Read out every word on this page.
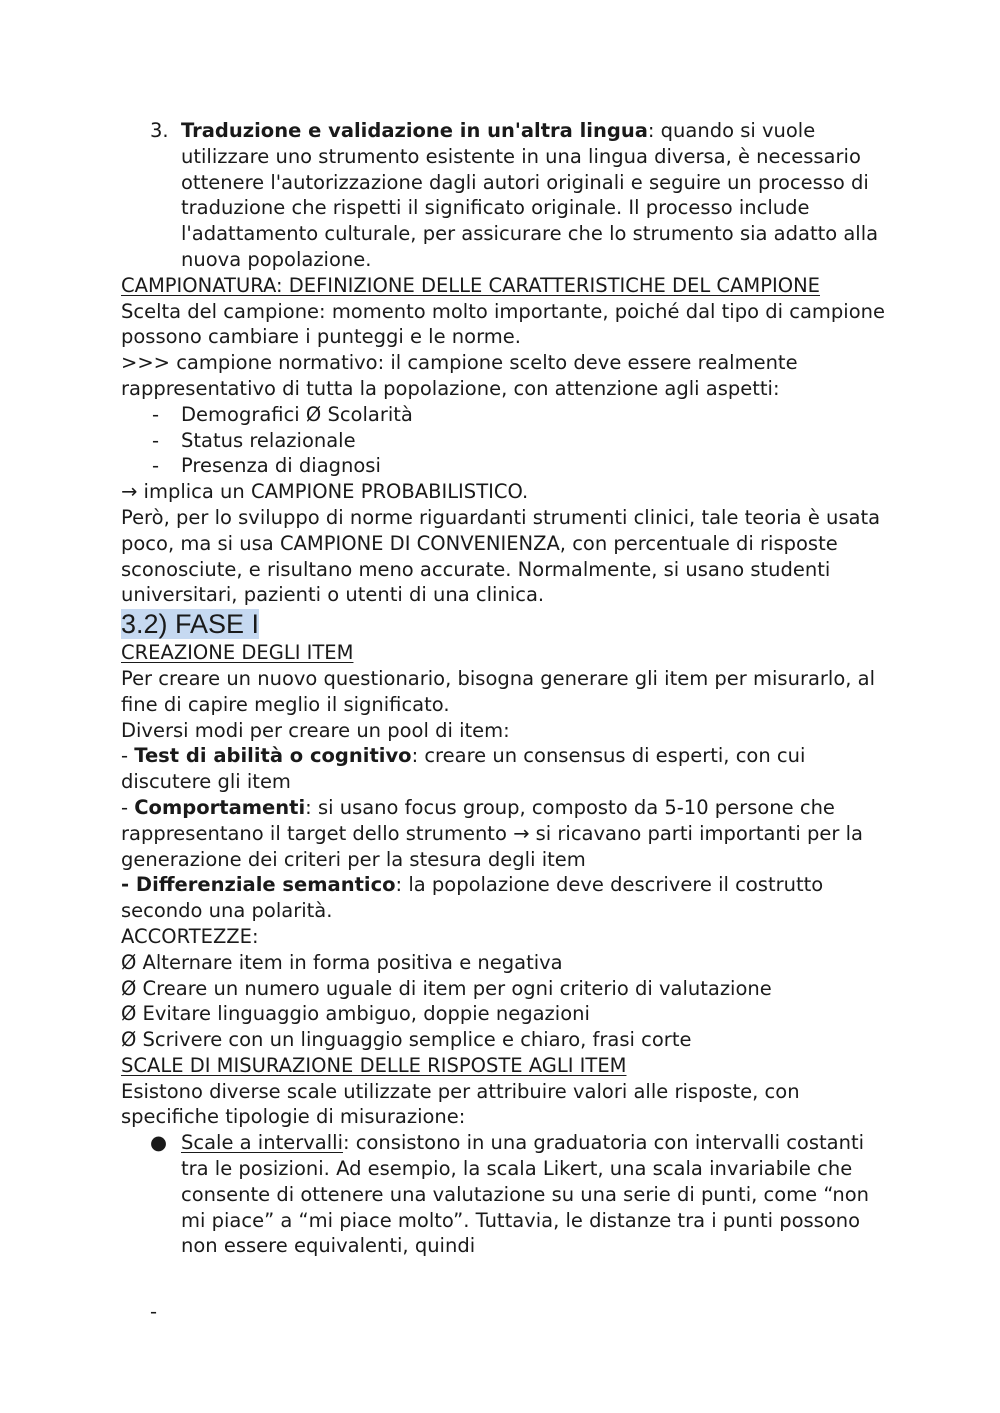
3. Traduzione e validazione in un'altra lingua: quando si vuole utilizzare uno strumento esistente in una lingua diversa, è necessario ottenere l'autorizzazione dagli autori originali e seguire un processo di traduzione che rispetti il significato originale. Il processo include l'adattamento culturale, per assicurare che lo strumento sia adatto alla nuova popolazione.

CAMPIONATURA: DEFINIZIONE DELLE CARATTERISTICHE DEL CAMPIONE

Scelta del campione: momento molto importante, poiché dal tipo di campione possono cambiare i punteggi e le norme.

>>> campione normativo: il campione scelto deve essere realmente rappresentativo di tutta la popolazione, con attenzione agli aspetti:

- Demografici Ø Scolarità
- Status relazionale
- Presenza di diagnosi

→ implica un CAMPIONE PROBABILISTICO.

Però, per lo sviluppo di norme riguardanti strumenti clinici, tale teoria è usata poco, ma si usa CAMPIONE DI CONVENIENZA, con percentuale di risposte sconosciute, e risultano meno accurate. Normalmente, si usano studenti universitari, pazienti o utenti di una clinica.

3.2) FASE I

CREAZIONE DEGLI ITEM

Per creare un nuovo questionario, bisogna generare gli item per misurarlo, al fine di capire meglio il significato.

Diversi modi per creare un pool di item:

- Test di abilità o cognitivo: creare un consensus di esperti, con cui discutere gli item

- Comportamenti: si usano focus group, composto da 5-10 persone che rappresentano il target dello strumento → si ricavano parti importanti per la generazione dei criteri per la stesura degli item

- Differenziale semantico: la popolazione deve descrivere il costrutto secondo una polarità.

ACCORTEZZE:

Ø Alternare item in forma positiva e negativa

Ø Creare un numero uguale di item per ogni criterio di valutazione

Ø Evitare linguaggio ambiguo, doppie negazioni

Ø Scrivere con un linguaggio semplice e chiaro, frasi corte

SCALE DI MISURAZIONE DELLE RISPOSTE AGLI ITEM

Esistono diverse scale utilizzate per attribuire valori alle risposte, con specifiche tipologie di misurazione:

● Scale a intervalli: consistono in una graduatoria con intervalli costanti tra le posizioni. Ad esempio, la scala Likert, una scala invariabile che consente di ottenere una valutazione su una serie di punti, come “non mi piace” a “mi piace molto”. Tuttavia, le distanze tra i punti possono non essere equivalenti, quindi
-
